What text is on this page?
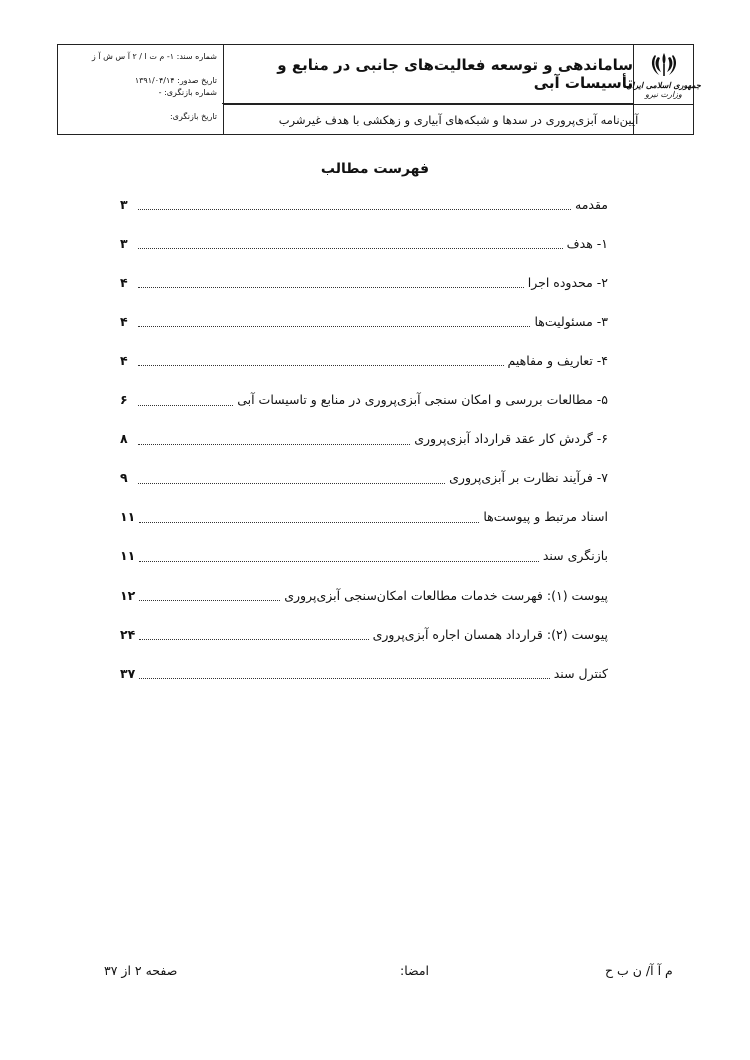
جمهوری اسلامی ایران
وزارت نیرو
ساماندهی و توسعه فعالیت‌های جانبی در منابع و تأسیسات آبی
آیین‌نامه آبزی‌پروری در سدها و شبکه‌های آبیاری و زهکشی با هدف غیرشرب
شماره سند: ۱- م ت ا / ۲ آ س ش آ ز
تاریخ صدور: ۱۳۹۱/۰۴/۱۴
شماره بازنگری: -
تاریخ بازنگری:
فهرست مطالب
مقدمه
۳
۱- هدف
۳
۲- محدوده اجرا
۴
۳- مسئولیت‌ها
۴
۴- تعاریف و مفاهیم
۴
۵- مطالعات بررسی و امکان سنجی آبزی‌پروری در منابع و تاسیسات آبی
۶
۶- گردش کار عقد قرارداد آبزی‌پروری
۸
۷- فرآیند نظارت بر آبزی‌پروری
۹
اسناد مرتبط و پیوست‌ها
۱۱
بازنگری سند
۱۱
پیوست (۱): فهرست خدمات مطالعات امکان‌سنجی آبزی‌پروری
۱۲
پیوست (۲): قرارداد همسان اجاره آبزی‌پروری
۲۴
کنترل سند
۳۷
م آ آ/ ن ب ح
امضا:
صفحه ۲ از ۳۷
